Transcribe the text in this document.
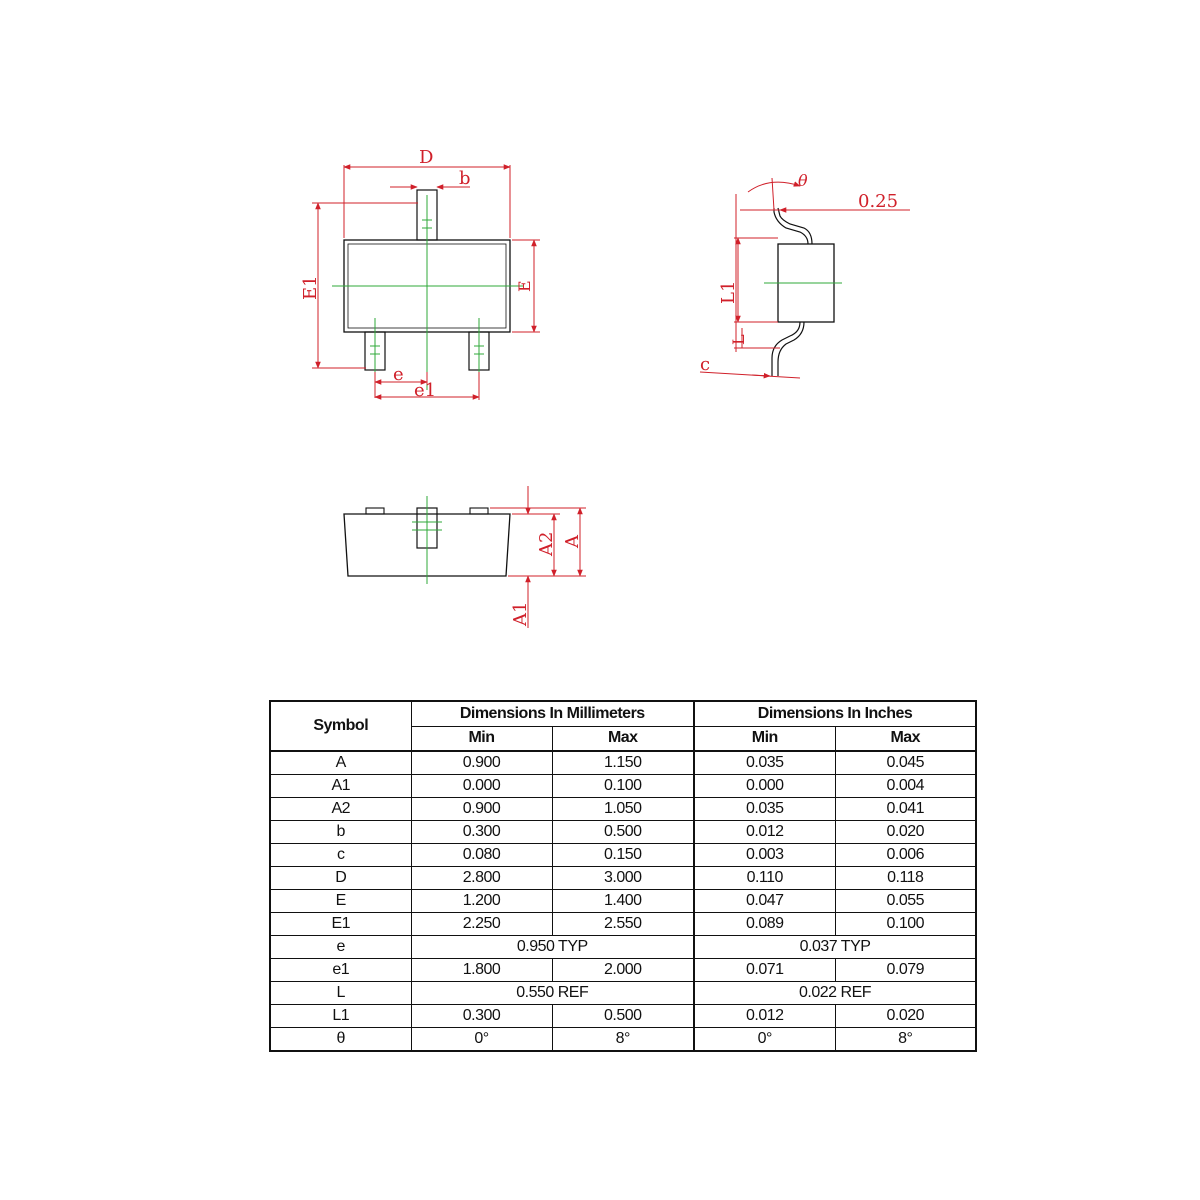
D
b
E1	E
e
e1
θ
0.25
L1
L
c
A2 A
A1
Symbol	Dimensions In Millimeters		Dimensions In Inches	
	Min	Max	Min	Max
A	0.900	1.150	0.035	0.045
A1	0.000	0.100	0.000	0.004
A2	0.900	1.050	0.035	0.041
b	0.300	0.500	0.012	0.020
c	0.080	0.150	0.003	0.006
D	2.800	3.000	0.110	0.118
E	1.200	1.400	0.047	0.055
E1	2.250	2.550	0.089	0.100
e	0.950 TYP		0.037 TYP	
e1	1.800	2.000	0.071	0.079
L	0.550 REF		0.022 REF	
L1	0.300	0.500	0.012	0.020
θ	0°	8°	0°	8°
